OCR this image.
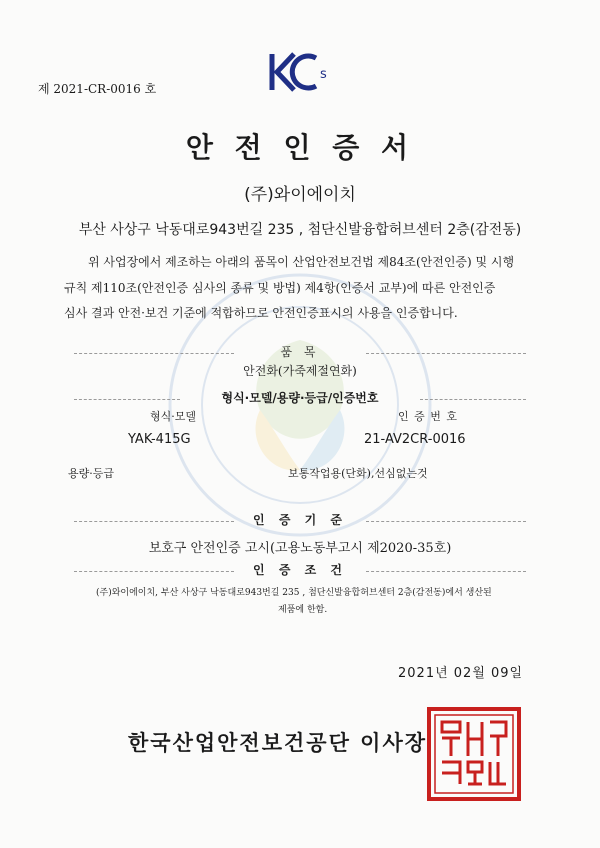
s
제 2021-CR-0016 호
안 전 인 증 서
(주)와이에이치
부산 사상구 낙동대로943번길 235 , 첨단신발융합허브센터 2층(감전동)
위 사업장에서 제조하는 아래의 품목이 산업안전보건법 제84조(안전인증) 및 시행
규칙 제110조(안전인증 심사의 종류 및 방법) 제4항(인증서 교부)에 따른 안전인증
심사 결과 안전·보건 기준에 적합하므로 안전인증표시의 사용을 인증합니다.
품 목
안전화(가죽제절연화)
형식·모델/용량·등급/인증번호
형식·모델	인 증 번 호
YAK-415G	21-AV2CR-0016
용량·등급	보통작업용(단화),선심없는것
인 증 기 준
보호구 안전인증 고시(고용노동부고시 제2020-35호)
인 증 조 건
(주)와이에이치, 부산 사상구 낙동대로943번길 235 , 첨단신발융합허브센터 2층(감전동)에서 생산된
제품에 한함.
2021년 02월 09일
한국산업안전보건공단 이사장
